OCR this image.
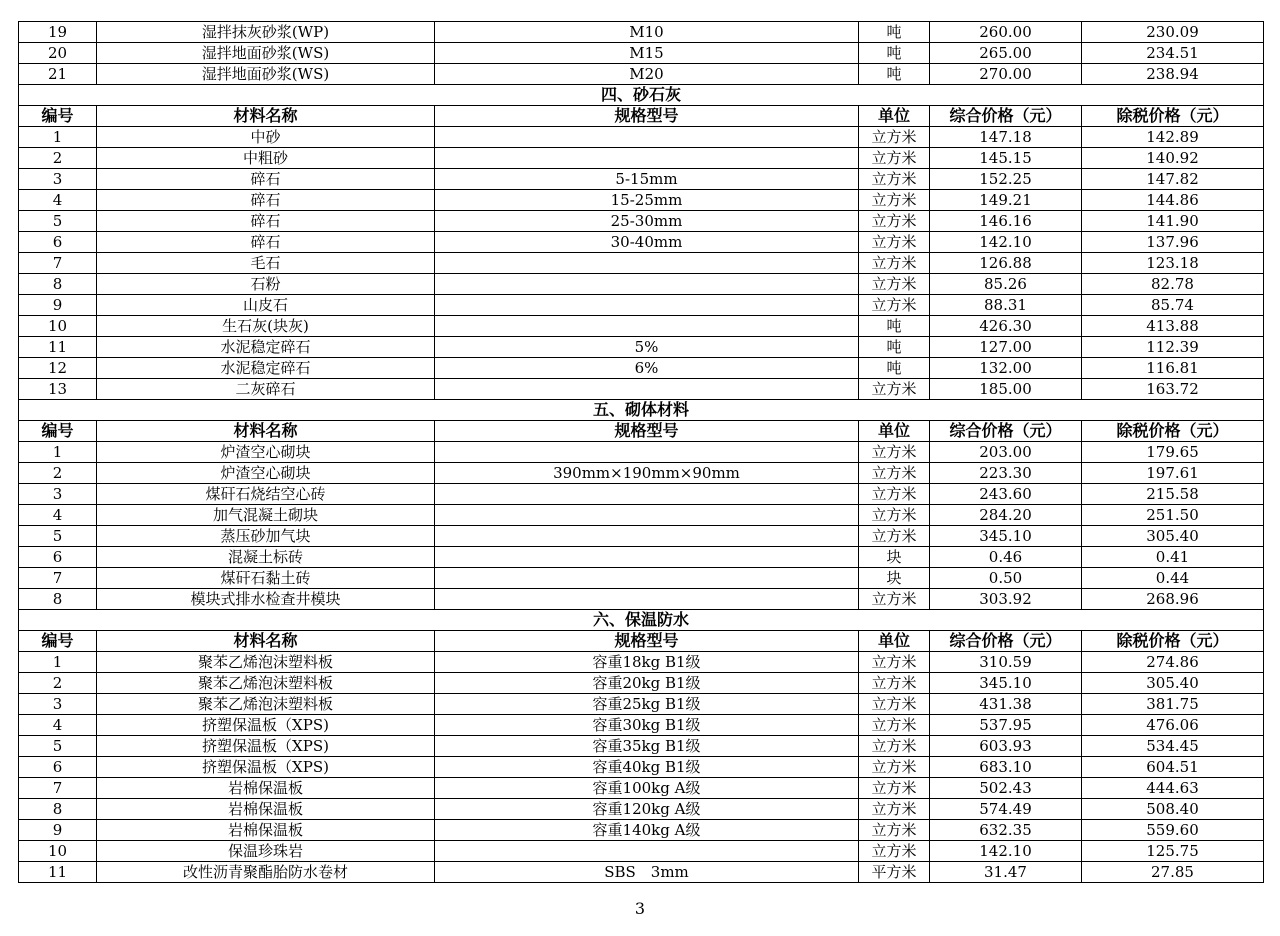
19	湿拌抹灰砂浆(WP)	M10	吨	260.00	230.09
20	湿拌地面砂浆(WS)	M15	吨	265.00	234.51
21	湿拌地面砂浆(WS)	M20	吨	270.00	238.94
四、砂石灰					
编号	材料名称	规格型号	单位	综合价格（元）	除税价格（元）
1	中砂		立方米	147.18	142.89
2	中粗砂		立方米	145.15	140.92
3	碎石	5-15mm	立方米	152.25	147.82
4	碎石	15-25mm	立方米	149.21	144.86
5	碎石	25-30mm	立方米	146.16	141.90
6	碎石	30-40mm	立方米	142.10	137.96
7	毛石		立方米	126.88	123.18
8	石粉		立方米	85.26	82.78
9	山皮石		立方米	88.31	85.74
10	生石灰(块灰)		吨	426.30	413.88
11	水泥稳定碎石	5%	吨	127.00	112.39
12	水泥稳定碎石	6%	吨	132.00	116.81
13	二灰碎石		立方米	185.00	163.72
五、砌体材料					
编号	材料名称	规格型号	单位	综合价格（元）	除税价格（元）
1	炉渣空心砌块		立方米	203.00	179.65
2	炉渣空心砌块	390mm×190mm×90mm	立方米	223.30	197.61
3	煤矸石烧结空心砖		立方米	243.60	215.58
4	加气混凝土砌块		立方米	284.20	251.50
5	蒸压砂加气块		立方米	345.10	305.40
6	混凝土标砖		块	0.46	0.41
7	煤矸石黏土砖		块	0.50	0.44
8	模块式排水检查井模块		立方米	303.92	268.96
六、保温防水					
编号	材料名称	规格型号	单位	综合价格（元）	除税价格（元）
1	聚苯乙烯泡沫塑料板	容重18kg B1级	立方米	310.59	274.86
2	聚苯乙烯泡沫塑料板	容重20kg B1级	立方米	345.10	305.40
3	聚苯乙烯泡沫塑料板	容重25kg B1级	立方米	431.38	381.75
4	挤塑保温板（XPS)	容重30kg B1级	立方米	537.95	476.06
5	挤塑保温板（XPS)	容重35kg B1级	立方米	603.93	534.45
6	挤塑保温板（XPS)	容重40kg B1级	立方米	683.10	604.51
7	岩棉保温板	容重100kg A级	立方米	502.43	444.63
8	岩棉保温板	容重120kg A级	立方米	574.49	508.40
9	岩棉保温板	容重140kg A级	立方米	632.35	559.60
10	保温珍珠岩		立方米	142.10	125.75
11	改性沥青聚酯胎防水卷材	SBS　3mm	平方米	31.47	27.85
3
